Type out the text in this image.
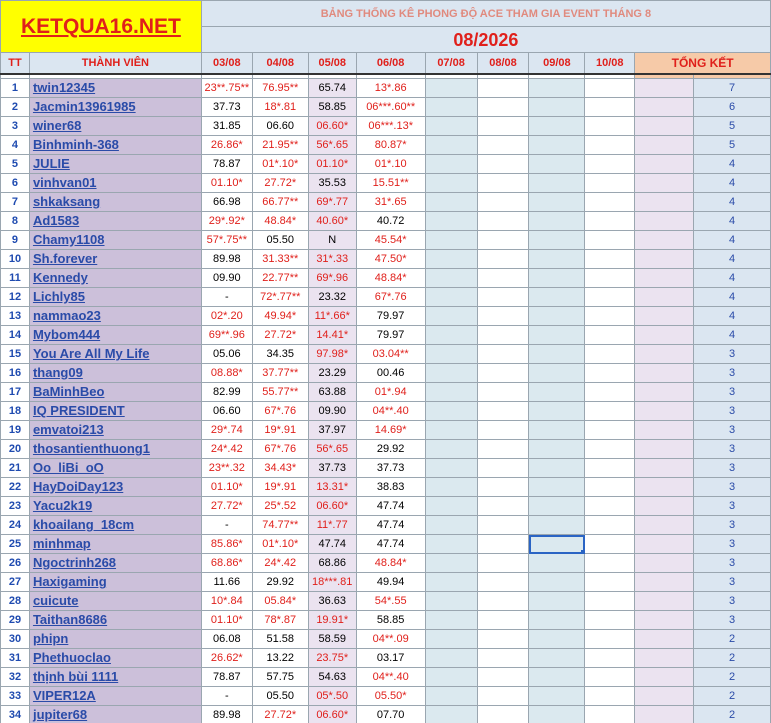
KETQUA16.NET		BẢNG THỐNG KÊ PHONG ĐỘ ACE THAM GIA EVENT THÁNG 8									
		08/2026									
TT	THÀNH VIÊN	03/08	04/08	05/08	06/08	07/08	08/08	09/08	10/08	TỔNG KẾT	

1	twin12345	23**.75**	76.95**	65.74	13*.86						7
2	Jacmin13961985	37.73	18*.81	58.85	06***.60**						6
3	winer68	31.85	06.60	06.60*	06***.13*						5
4	Binhminh-368	26.86*	21.95**	56*.65	80.87*						5
5	JULIE	78.87	01*.10*	01.10*	01*.10						4
6	vinhvan01	01.10*	27.72*	35.53	15.51**						4
7	shkaksang	66.98	66.77**	69*.77	31*.65						4
8	Ad1583	29*.92*	48.84*	40.60*	40.72						4
9	Chamy1108	57*.75**	05.50	N	45.54*						4
10	Sh.forever	89.98	31.33**	31*.33	47.50*						4
11	Kennedy	09.90	22.77**	69*.96	48.84*						4
12	Lichly85	-	72*.77**	23.32	67*.76						4
13	nammao23	02*.20	49.94*	11*.66*	79.97						4
14	Mybom444	69**.96	27.72*	14.41*	79.97						4
15	You Are All My Life	05.06	34.35	97.98*	03.04**						3
16	thang09	08.88*	37.77**	23.29	00.46						3
17	BaMinhBeo	82.99	55.77**	63.88	01*.94						3
18	IQ PRESIDENT	06.60	67*.76	09.90	04**.40						3
19	emvatoi213	29*.74	19*.91	37.97	14.69*						3
20	thosantienthuong1	24*.42	67*.76	56*.65	29.92						3
21	Oo_liBi_oO	23**.32	34.43*	37.73	37.73						3
22	HayDoiDay123	01.10*	19*.91	13.31*	38.83						3
23	Yacu2k19	27.72*	25*.52	06.60*	47.74						3
24	khoailang_18cm	-	74.77**	11*.77	47.74						3
25	minhmap	85.86*	01*.10*	47.74	47.74						3
26	Ngoctrinh268	68.86*	24*.42	68.86	48.84*						3
27	Haxigaming	11.66	29.92	18***.81	49.94						3
28	cuicute	10*.84	05.84*	36.63	54*.55						3
29	Taithan8686	01.10*	78*.87	19.91*	58.85						3
30	phipn	06.08	51.58	58.59	04**.09						2
31	Phethuoclao	26.62*	13.22	23.75*	03.17						2
32	thịnh bùi 1111	78.87	57.75	54.63	04**.40						2
33	VIPER12A	-	05.50	05*.50	05.50*						2
34	jupiter68	89.98	27.72*	06.60*	07.70						2
